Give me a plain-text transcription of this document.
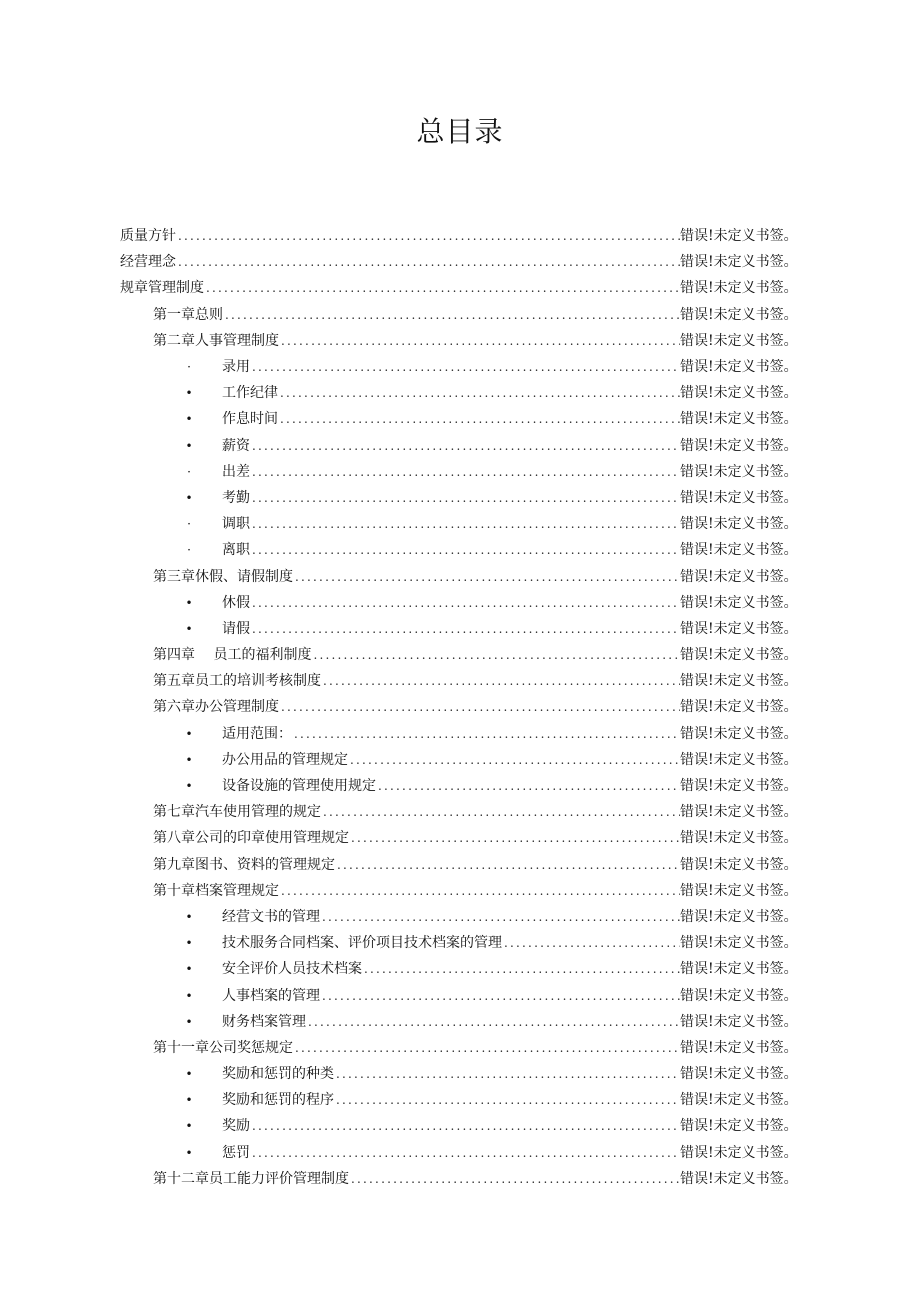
总目录
质量方针 .....	错误!未定义书签。
经营理念 .....	错误!未定义书签。
规章管理制度 .....	错误!未定义书签。
第一章总则 .....	错误!未定义书签。
第二章人事管理制度 .....	错误!未定义书签。
·	录用 .....	错误!未定义书签。
• 工作纪律 .....	错误!未定义书签。
• 作息时间 .....	错误!未定义书签。
• 薪资 .....	错误!未定义书签。
·	出差 .....	错误!未定义书签。
• 考勤 .....	错误!未定义书签。
·	调职 .....	错误!未定义书签。
·	离职 .....	错误!未定义书签。
第三章休假、请假制度 .....	错误!未定义书签。
• 休假 .....	错误!未定义书签。
• 请假 .....	错误!未定义书签。
第四章　 员工的福利制度 .....	错误!未定义书签。
第五章员工的培训考核制度 .....	错误!未定义书签。
第六章办公管理制度 .....	错误!未定义书签。
• 适用范围： .....	错误!未定义书签。
• 办公用品的管理规定 .....	错误!未定义书签。
• 设备设施的管理使用规定 .....	错误!未定义书签。
第七章汽车使用管理的规定 .....	错误!未定义书签。
第八章公司的印章使用管理规定 .....	错误!未定义书签。
第九章图书、资料的管理规定 .....	错误!未定义书签。
第十章档案管理规定 .....	错误!未定义书签。
• 经营文书的管理 .....	错误!未定义书签。
• 技术服务合同档案、评价项目技术档案的管理 .....	错误!未定义书签。
• 安全评价人员技术档案 .....	错误!未定义书签。
• 人事档案的管理 .....	错误!未定义书签。
• 财务档案管理 .....	错误!未定义书签。
第十一章公司奖惩规定 .....	错误!未定义书签。
• 奖励和惩罚的种类 .....	错误!未定义书签。
• 奖励和惩罚的程序 .....	错误!未定义书签。
• 奖励 .....	错误!未定义书签。
• 惩罚 .....	错误!未定义书签。
第十二章员工能力评价管理制度 .....	错误!未定义书签。
